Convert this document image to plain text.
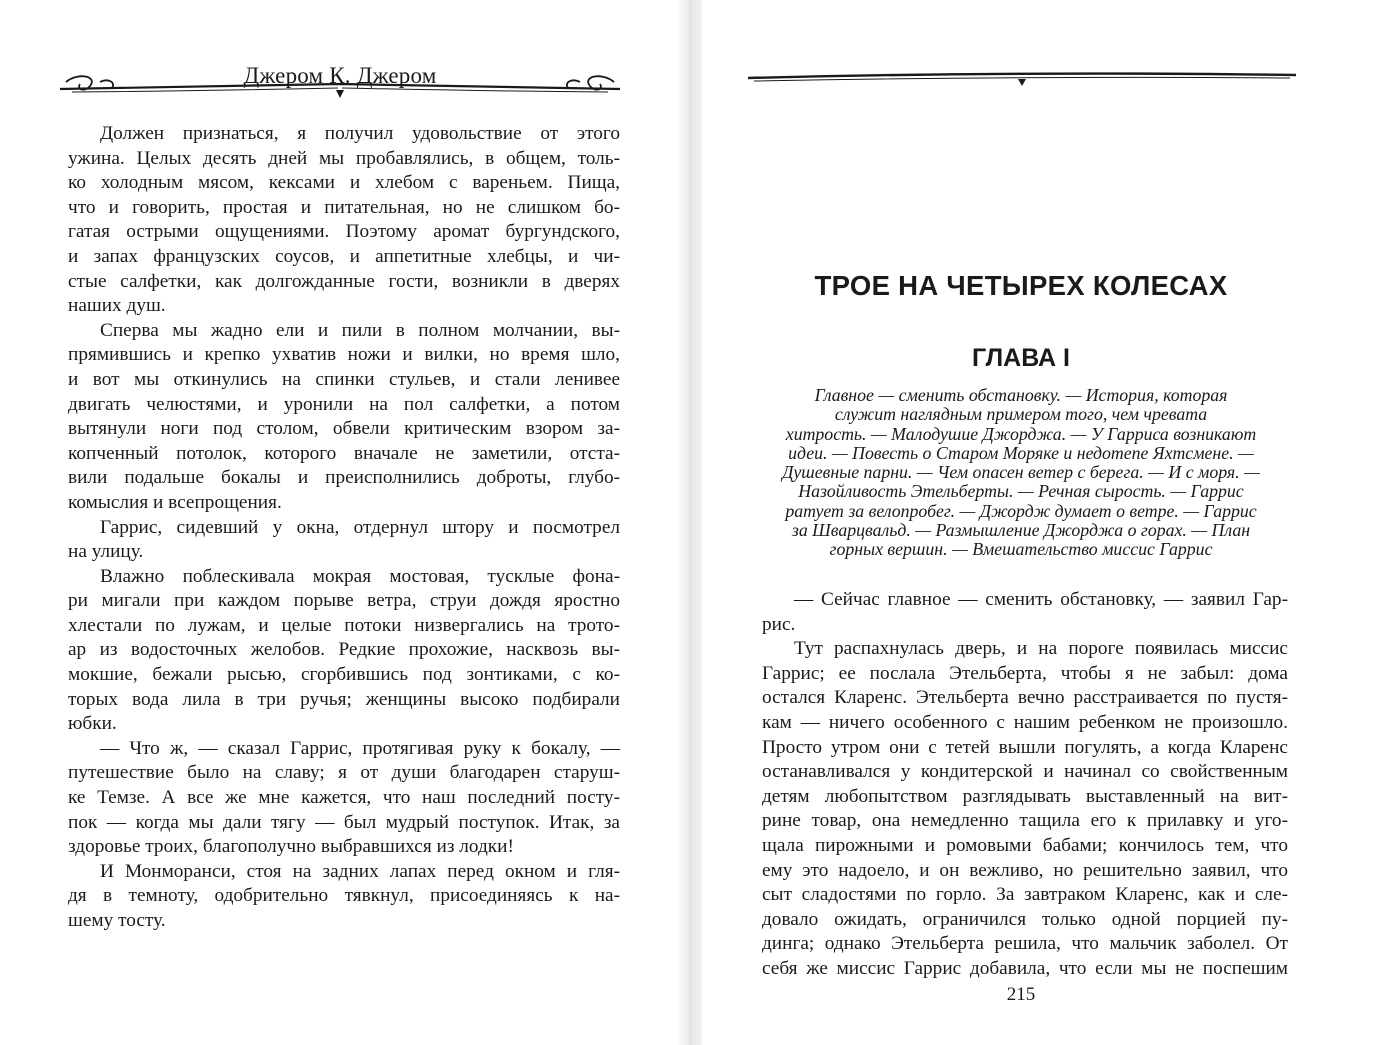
Джером К. Джером
Должен признаться, я получил удовольствие от этого
ужина. Целых десять дней мы пробавлялись, в общем, толь-
ко холодным мясом, кексами и хлебом с вареньем. Пища,
что и говорить, простая и питательная, но не слишком бо-
гатая острыми ощущениями. Поэтому аромат бургундского,
и запах французских соусов, и аппетитные хлебцы, и чи-
стые салфетки, как долгожданные гости, возникли в дверях
наших душ.
Сперва мы жадно ели и пили в полном молчании, вы-
прямившись и крепко ухватив ножи и вилки, но время шло,
и вот мы откинулись на спинки стульев, и стали ленивее
двигать челюстями, и уронили на пол салфетки, а потом
вытянули ноги под столом, обвели критическим взором за-
копченный потолок, которого вначале не заметили, отста-
вили подальше бокалы и преисполнились доброты, глубо-
комыслия и всепрощения.
Гаррис, сидевший у окна, отдернул штору и посмотрел
на улицу.
Влажно поблескивала мокрая мостовая, тусклые фона-
ри мигали при каждом порыве ветра, струи дождя яростно
хлестали по лужам, и целые потоки низвергались на трото-
ар из водосточных желобов. Редкие прохожие, насквозь вы-
мокшие, бежали рысью, сгорбившись под зонтиками, с ко-
торых вода лила в три ручья; женщины высоко подбирали
юбки.
— Что ж, — сказал Гаррис, протягивая руку к бокалу, —
путешествие было на славу; я от души благодарен старуш-
ке Темзе. А все же мне кажется, что наш последний посту-
пок — когда мы дали тягу — был мудрый поступок. Итак, за
здоровье троих, благополучно выбравшихся из лодки!
И Монморанси, стоя на задних лапах перед окном и гля-
дя в темноту, одобрительно тявкнул, присоединяясь к на-
шему тосту.
ТРОЕ НА ЧЕТЫРЕХ КОЛЕСАХ
ГЛАВА I
Главное — сменить обстановку. — История, которая
служит наглядным примером того, чем чревата
хитрость. — Малодушие Джорджа. — У Гарриса возникают
идеи. — Повесть о Старом Моряке и недотепе Яхтсмене. —
Душевные парни. — Чем опасен ветер с берега. — И с моря. —
Назойливость Этельберты. — Речная сырость. — Гаррис
ратует за велопробег. — Джордж думает о ветре. — Гаррис
за Шварцвальд. — Размышление Джорджа о горах. — План
горных вершин. — Вмешательство миссис Гаррис
— Сейчас главное — сменить обстановку, — заявил Гар-
рис.
Тут распахнулась дверь, и на пороге появилась миссис
Гаррис; ее послала Этельберта, чтобы я не забыл: дома
остался Кларенс. Этельберта вечно расстраивается по пустя-
кам — ничего особенного с нашим ребенком не произошло.
Просто утром они с тетей вышли погулять, а когда Кларенс
останавливался у кондитерской и начинал со свойственным
детям любопытством разглядывать выставленный на вит-
рине товар, она немедленно тащила его к прилавку и уго-
щала пирожными и ромовыми бабами; кончилось тем, что
ему это надоело, и он вежливо, но решительно заявил, что
сыт сладостями по горло. За завтраком Кларенс, как и сле-
довало ожидать, ограничился только одной порцией пу-
динга; однако Этельберта решила, что мальчик заболел. От
себя же миссис Гаррис добавила, что если мы не поспешим
215
